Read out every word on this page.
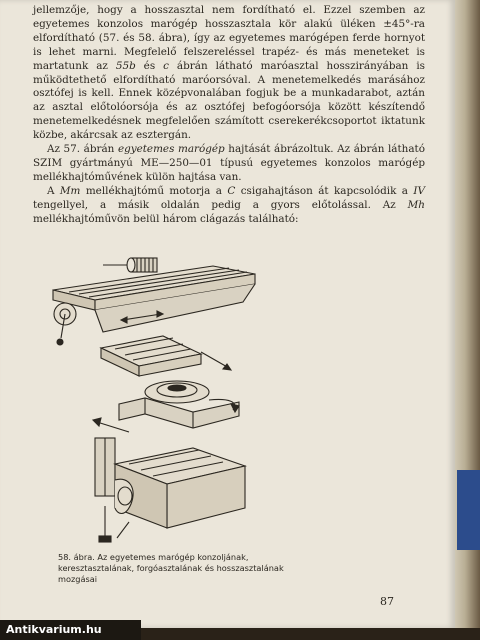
jellemzője, hogy a hosszasztal nem fordítható el. Ezzel szemben az egyetemes konzolos marógép hosszasztala kör alakú üléken ±45°-ra elfordítható (57. és 58. ábra), így az egyetemes marógépen ferde hornyot is lehet marni. Megfelelő felszereléssel trapéz- és más meneteket is martatunk az 55b és c ábrán látható maróasztal hosszirányában is működtethető elfordítható maróorsóval. A menetemelkedés marásához osztófej is kell. Ennek középvonalában fogjuk be a munkadarabot, aztán az asztal előtolóorsója és az osztófej befogóorsója között készítendő menetemelkedésnek megfelelően számított cserekerékcsoportot iktatunk közbe, akárcsak az esztergán.

Az 57. ábrán egyetemes marógép hajtását ábrázoltuk. Az ábrán látható SZIM gyártmányú ME—250—01 típusú egyetemes konzolos marógép mellékhajtóművének külön hajtása van.

A Mm mellékhajtómű motorja a C csigahajtáson át kapcsolódik a IV tengellyel, a másik oldalán pedig a gyors előtolással. Az Mh mellékhajtóművön belül három clágazás található:

58. ábra. Az egyetemes marógép konzoljának, keresztasztalának, forgóasztalának és hosszasztalának mozgásai
87
Antikvarium.hu
